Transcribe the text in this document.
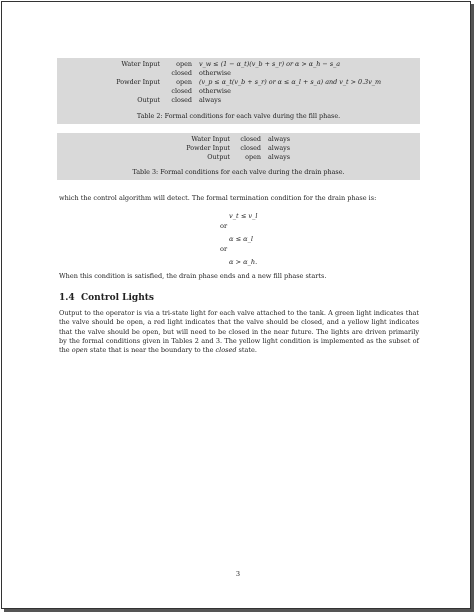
Water Input	open v_w ≤ (1 − α_t)(v_b + s_r) or α > α_h − s_a
closed otherwise
Powder Input	open (v_p ≤ α_t(v_b + s_r) or α ≤ α_l + s_a) and v_t > 0.3v_m
closed otherwise
Output	closed always
Table 2: Formal conditions for each valve during the fill phase.
Water Input	closed always
Powder Input	closed always
Output	open always
Table 3: Formal conditions for each valve during the drain phase.
which the control algorithm will detect. The formal termination condition for the drain phase is:
v_t ≤ v_l
or
α ≤ α_l
or
α > α_h.
When this condition is satisfied, the drain phase ends and a new fill phase starts.
1.4 Control Lights
Output to the operator is via a tri-state light for each valve attached to the tank. A green light indicates that the valve should be open, a red light indicates that the valve should be closed, and a yellow light indicates that the valve should be open, but will need to be closed in the near future. The lights are driven primarily by the formal conditions given in Tables 2 and 3. The yellow light condition is implemented as the subset of the open state that is near the boundary to the closed state.
3
